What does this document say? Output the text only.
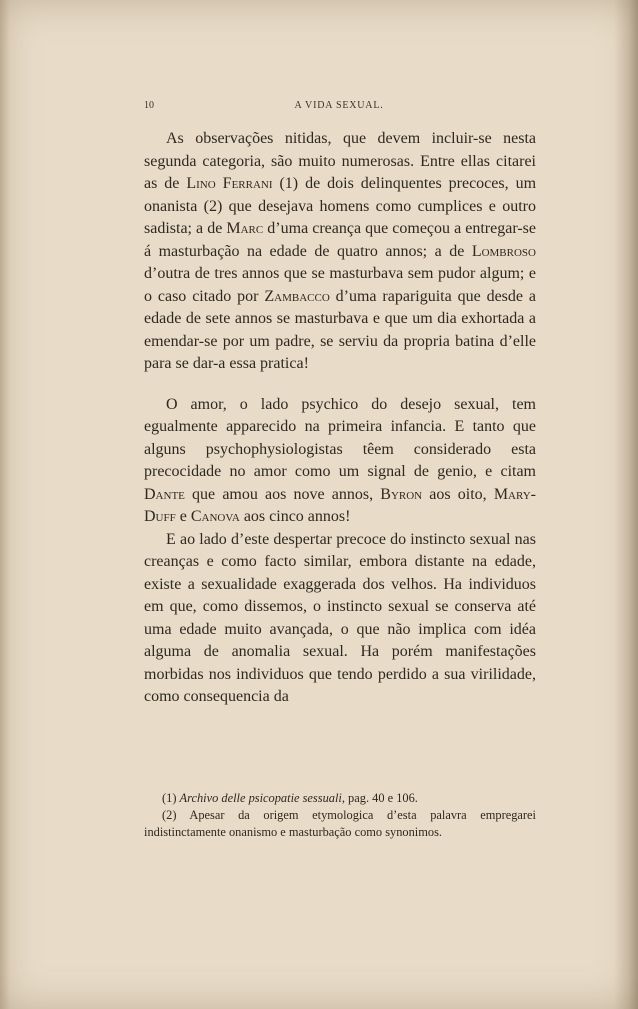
10	A VIDA SEXUAL.

As observações nitidas, que devem incluir-se nesta segunda categoria, são muito numerosas. Entre ellas citarei as de Lino Ferrani (1) de dois delinquentes precoces, um onanista (2) que desejava homens como cumplices e outro sadista; a de Marc d’uma creança que começou a entregar-se á masturbação na edade de quatro annos; a de Lombroso d’outra de tres annos que se masturbava sem pudor algum; e o caso citado por Zambacco d’uma rapariguita que desde a edade de sete annos se masturbava e que um dia exhortada a emendar-se por um padre, se serviu da propria batina d’elle para se dar-a essa pratica!

O amor, o lado psychico do desejo sexual, tem egualmente apparecido na primeira infancia. E tanto que alguns psychophysiologistas têem considerado esta precocidade no amor como um signal de genio, e citam Dante que amou aos nove annos, Byron aos oito, Mary-Duff e Canova aos cinco annos!

E ao lado d’este despertar precoce do instincto sexual nas creanças e como facto similar, embora distante na edade, existe a sexualidade exaggerada dos velhos. Ha individuos em que, como dissemos, o instincto sexual se conserva até uma edade muito avançada, o que não implica com idéa alguma de anomalia sexual. Ha porém manifestações morbidas nos individuos que tendo perdido a sua virilidade, como consequencia da

(1) Archivo delle psicopatie sessuali, pag. 40 e 106.

(2) Apesar da origem etymologica d’esta palavra empregarei indistinctamente onanismo e masturbação como synonimos.
